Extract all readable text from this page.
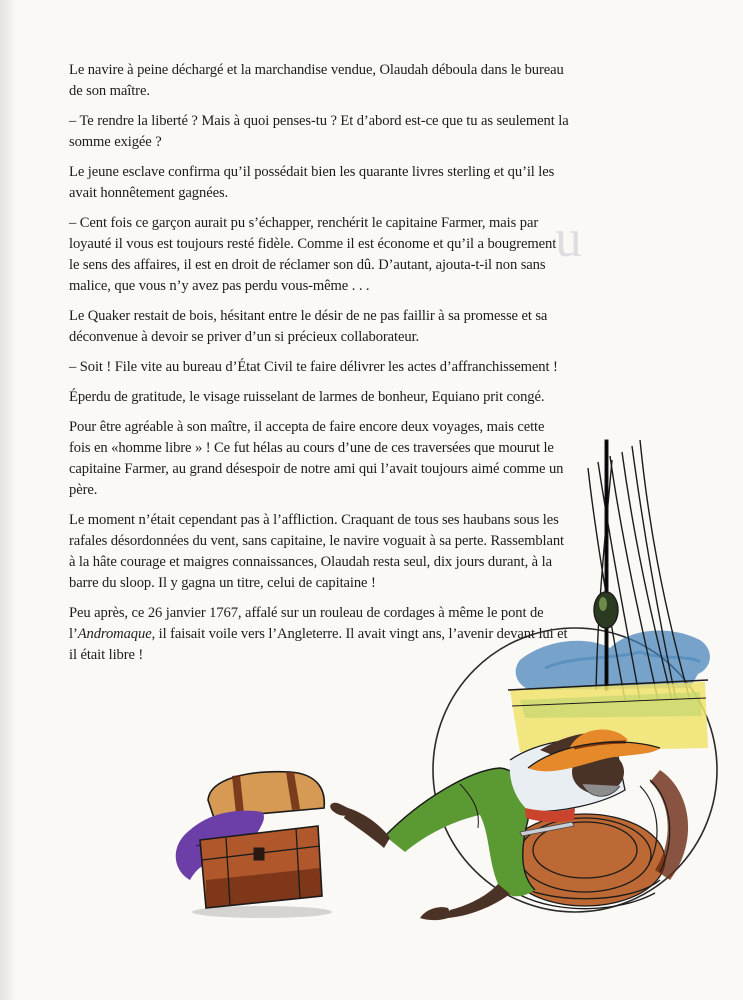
u

Le navire à peine déchargé et la marchandise vendue, Olaudah déboula dans le bureau de son maître.

– Te rendre la liberté ? Mais à quoi penses-tu ? Et d’abord est-ce que tu as seulement la somme exigée ?

Le jeune esclave confirma qu’il possédait bien les quarante livres sterling et qu’il les avait honnêtement gagnées.

– Cent fois ce garçon aurait pu s’échapper, renchérit le capitaine Farmer, mais par loyauté il vous est toujours resté fidèle. Comme il est économe et qu’il a bougrement le sens des affaires, il est en droit de réclamer son dû. D’autant, ajouta-t-il non sans malice, que vous n’y avez pas perdu vous-même . . .

Le Quaker restait de bois, hésitant entre le désir de ne pas faillir à sa promesse et sa déconvenue à devoir se priver d’un si précieux collaborateur.

– Soit ! File vite au bureau d’État Civil te faire délivrer les actes d’affranchissement !

Éperdu de gratitude, le visage ruisselant de larmes de bonheur, Equiano prit congé.

Pour être agréable à son maître, il accepta de faire encore deux voyages, mais cette fois en «homme libre » ! Ce fut hélas au cours d’une de ces traversées que mourut le capitaine Farmer, au grand désespoir de notre ami qui l’avait toujours aimé comme un père.

Le moment n’était cependant pas à l’affliction. Craquant de tous ses haubans sous les rafales désordonnées du vent, sans capitaine, le navire voguait à sa perte. Rassemblant à la hâte courage et maigres connaissances, Olaudah resta seul, dix jours durant, à la barre du sloop. Il y gagna un titre, celui de capitaine !

Peu après, ce 26 janvier 1767, affalé sur un rouleau de cordages à même le pont de l’Andromaque, il faisait voile vers l’Angleterre. Il avait vingt ans, l’avenir devant lui et il était libre !
